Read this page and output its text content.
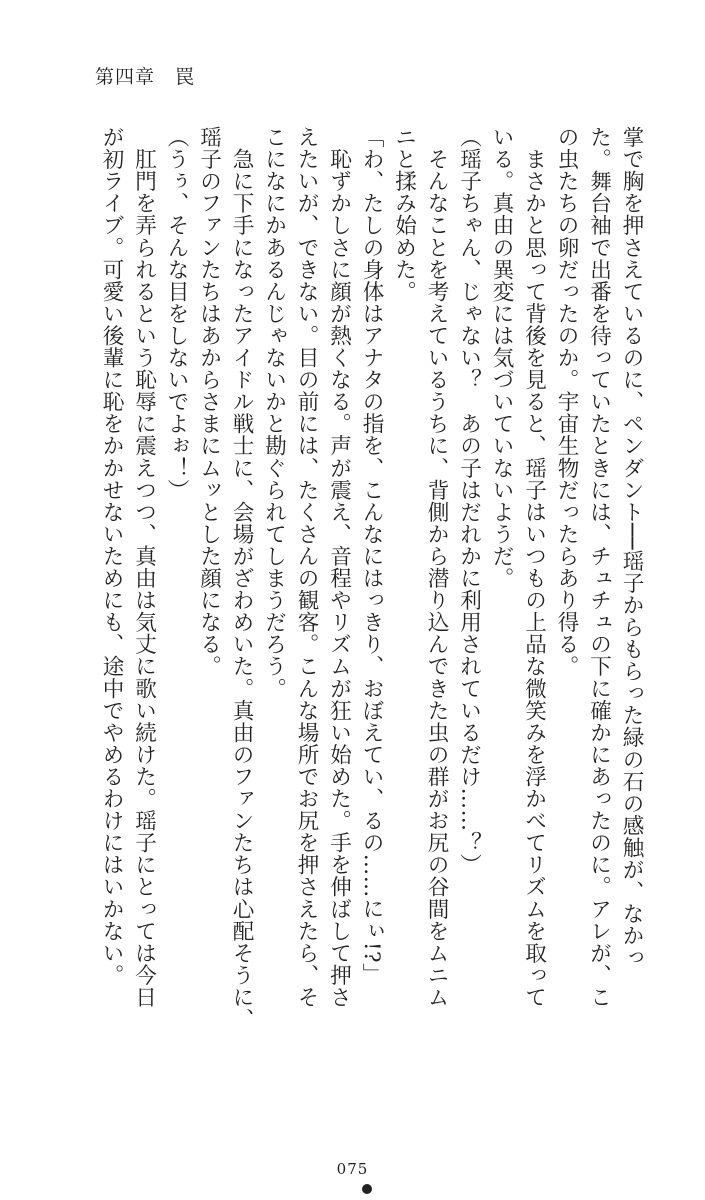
第四章　罠

掌で胸を押さえているのに、ペンダント──瑶子からもらった緑の石の感触が、なかっ

た。舞台袖で出番を待っていたときには、チュチュの下に確かにあったのに。アレが、こ

の虫たちの卵だったのか。宇宙生物だったらあり得る。

　まさかと思って背後を見ると、瑶子はいつもの上品な微笑みを浮かべてリズムを取って

いる。真由の異変には気づいていないようだ。

（瑶子ちゃん、じゃない？　あの子はだれかに利用されているだけ……？）

　そんなことを考えているうちに、背側から潜り込んできた虫の群がお尻の谷間をムニム

ニと揉み始めた。

「わ、たしの身体はアナタの指を、こんなにはっきり、おぼえてい、るの……にぃ!?」

　恥ずかしさに顔が熱くなる。声が震え、音程やリズムが狂い始めた。手を伸ばして押さ

えたいが、できない。目の前には、たくさんの観客。こんな場所でお尻を押さえたら、そ

こになにかあるんじゃないかと勘ぐられてしまうだろう。

　急に下手になったアイドル戦士に、会場がざわめいた。真由のファンたちは心配そうに、

瑶子のファンたちはあからさまにムッとした顔になる。

（うぅ、そんな目をしないでよぉ！）

　肛門を弄られるという恥辱に震えつつ、真由は気丈に歌い続けた。瑶子にとっては今日

が初ライブ。可愛い後輩に恥をかかせないためにも、途中でやめるわけにはいかない。

075
